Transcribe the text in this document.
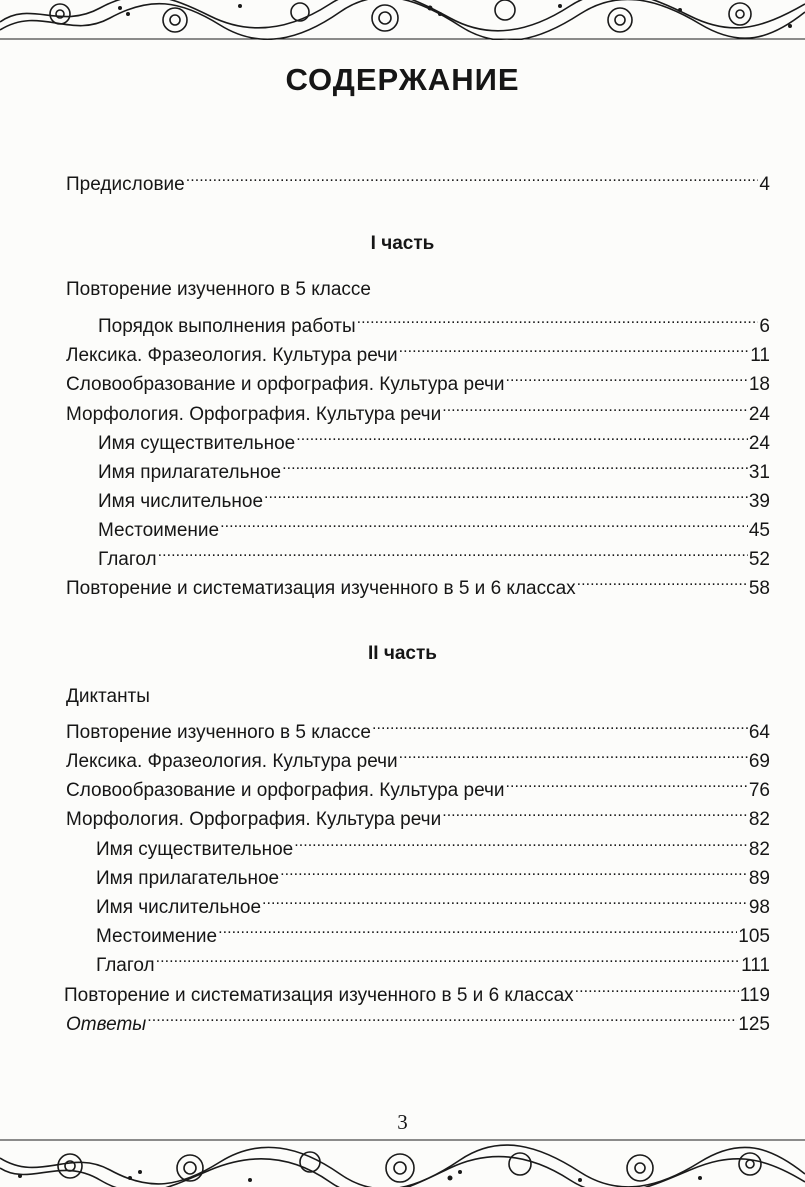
СОДЕРЖАНИЕ
Предисловие . . .	4
I часть
Повторение изученного в 5 классе
Порядок выполнения работы . . .	6
Лексика. Фразеология. Культура речи . . .	11
Словообразование и орфография. Культура речи . . .	18
Морфология. Орфография. Культура речи . . .	24
Имя существительное . . .	24
Имя прилагательное . . .	31
Имя числительное . . .	39
Местоимение . . .	45
Глагол . . .	52
Повторение и систематизация изученного в 5 и 6 классах . . .	58
II часть
Диктанты
Повторение изученного в 5 классе . . .	64
Лексика. Фразеология. Культура речи . . .	69
Словообразование и орфография. Культура речи . . .	76
Морфология. Орфография. Культура речи . . .	82
Имя существительное . . .	82
Имя прилагательное . . .	89
Имя числительное . . .	98
Местоимение . . .	105
Глагол . . .	111
Повторение и систематизация изученного в 5 и 6 классах . . .	119
Ответы . . .	125
3
